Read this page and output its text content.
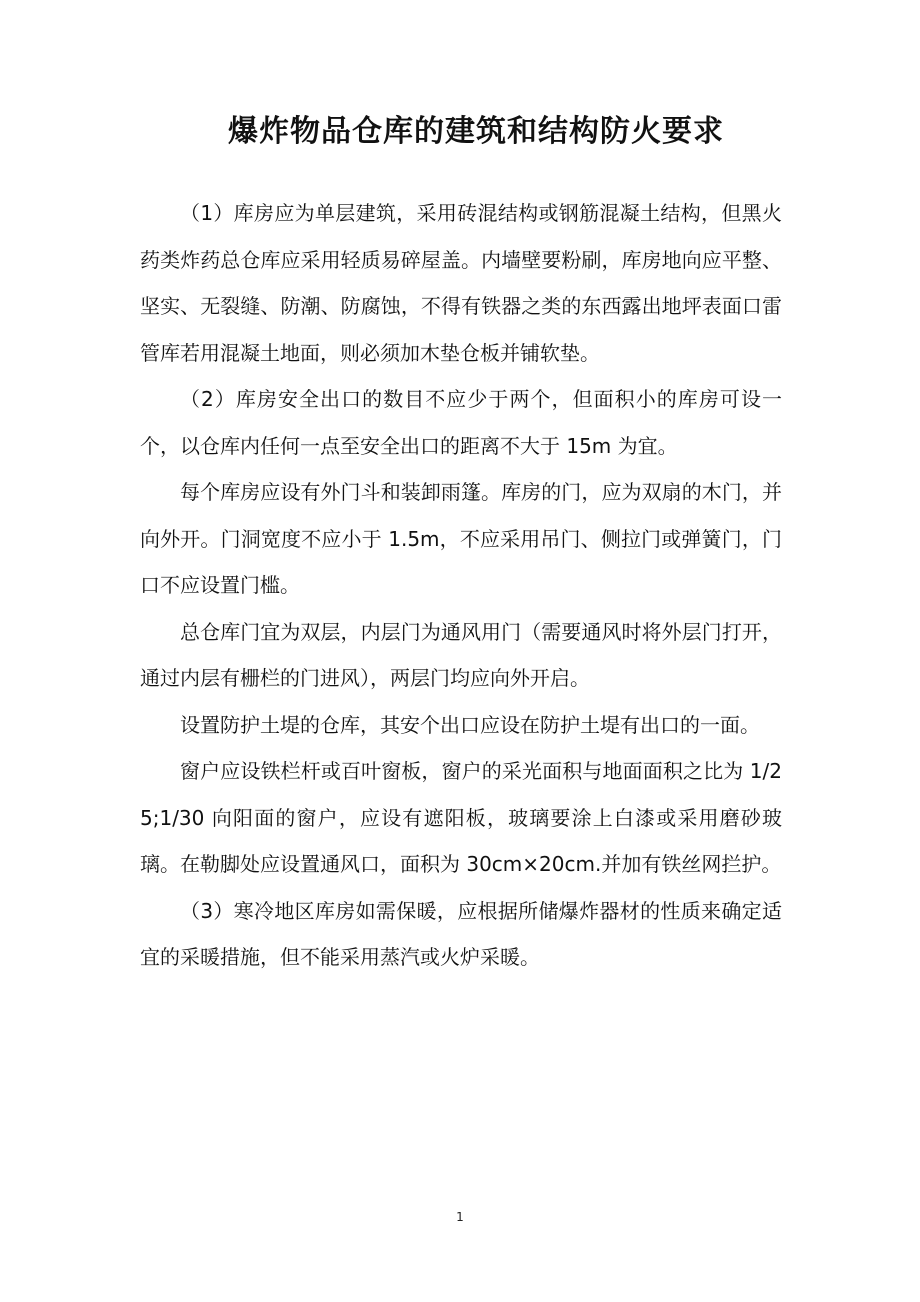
爆炸物品仓库的建筑和结构防火要求

（1）库房应为单层建筑，采用砖混结构或钢筋混凝土结构，但黑火药类炸药总仓库应采用轻质易碎屋盖。内墙壁要粉刷，库房地向应平整、坚实、无裂缝、防潮、防腐蚀，不得有铁器之类的东西露出地坪表面口雷管库若用混凝土地面，则必须加木垫仓板并铺软垫。

（2）库房安全出口的数目不应少于两个，但面积小的库房可设一个，以仓库内任何一点至安全出口的距离不大于 15m 为宜。

每个库房应设有外门斗和装卸雨篷。库房的门，应为双扇的木门，并向外开。门洞宽度不应小于 1.5m，不应采用吊门、侧拉门或弹簧门，门口不应设置门槛。

总仓库门宜为双层，内层门为通风用门（需要通风时将外层门打开，通过内层有栅栏的门进风），两层门均应向外开启。

设置防护土堤的仓库，其安个出口应设在防护土堤有出口的一面。

窗户应设铁栏杆或百叶窗板，窗户的采光面积与地面面积之比为 1/25;1/30 向阳面的窗户，应设有遮阳板，玻璃要涂上白漆或采用磨砂玻璃。在勒脚处应设置通风口，面积为 30cm×20cm.并加有铁丝网拦护。

（3）寒冷地区库房如需保暖，应根据所储爆炸器材的性质来确定适宜的采暖措施，但不能采用蒸汽或火炉采暖。

1
